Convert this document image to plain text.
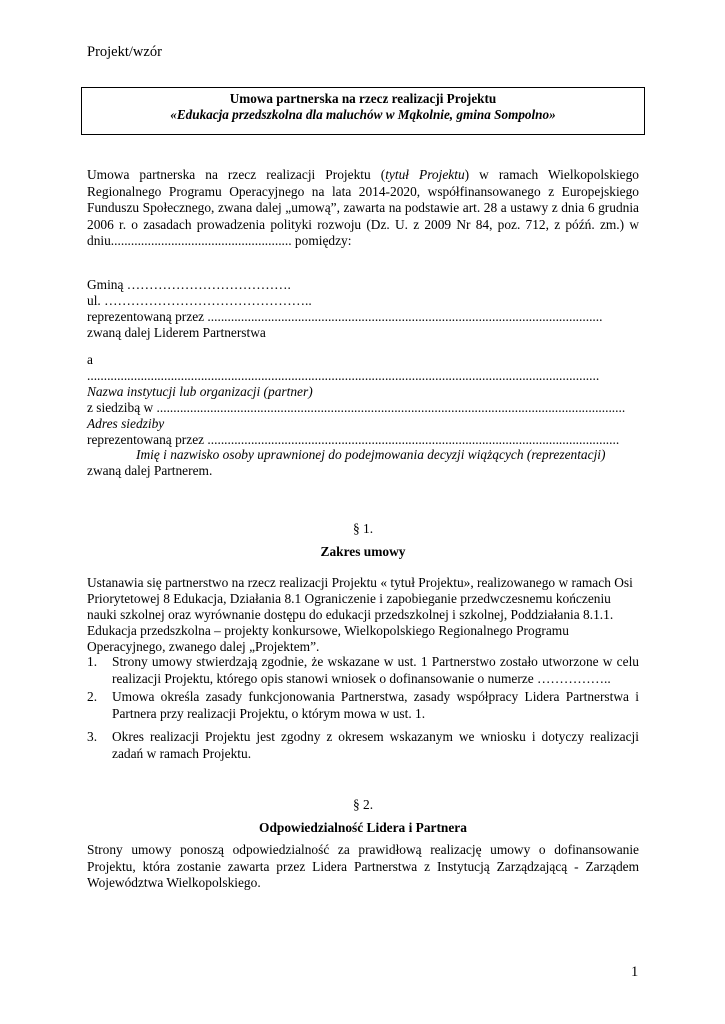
Projekt/wzór
Umowa partnerska na rzecz realizacji Projektu
«Edukacja przedszkolna dla maluchów w Mąkolnie, gmina Sompolno»
Umowa partnerska na rzecz realizacji Projektu (tytuł Projektu) w ramach Wielkopolskiego Regionalnego Programu Operacyjnego na lata 2014-2020, współfinansowanego z Europejskiego Funduszu Społecznego, zwana dalej „umową”, zawarta na podstawie art. 28 a ustawy z dnia 6 grudnia 2006 r. o zasadach prowadzenia polityki rozwoju (Dz. U. z 2009 Nr 84, poz. 712, z późń. zm.) w dniu...................................................... pomiędzy:
Gminą ……………………………….
ul. ………………………………………..
reprezentowaną przez ......................................................................................................................
zwaną dalej Liderem Partnerstwa
a
.........................................................................................................................................................
Nazwa instytucji lub organizacji (partner)
z siedzibą w ............................................................................................................................................
Adres siedziby
reprezentowaną przez ...........................................................................................................................
Imię i nazwisko osoby uprawnionej do podejmowania decyzji wiążących (reprezentacji)
zwaną dalej Partnerem.
§ 1.
Zakres umowy
Ustanawia się partnerstwo na rzecz realizacji Projektu « tytuł Projektu», realizowanego w ramach Osi
Priorytetowej 8 Edukacja, Działania 8.1 Ograniczenie i zapobieganie przedwczesnemu kończeniu
nauki szkolnej oraz wyrównanie dostępu do edukacji przedszkolnej i szkolnej, Poddziałania 8.1.1.
Edukacja przedszkolna – projekty konkursowe, Wielkopolskiego Regionalnego Programu
Operacyjnego, zwanego dalej „Projektem”.
1. Strony umowy stwierdzają zgodnie, że wskazane w ust. 1 Partnerstwo zostało utworzone w celu realizacji Projektu, którego opis stanowi wniosek o dofinansowanie o numerze ……………..
2. Umowa określa zasady funkcjonowania Partnerstwa, zasady współpracy Lidera Partnerstwa i Partnera przy realizacji Projektu, o którym mowa w ust. 1.
3. Okres realizacji Projektu jest zgodny z okresem wskazanym we wniosku i dotyczy realizacji zadań w ramach Projektu.
§ 2.
Odpowiedzialność Lidera i Partnera
Strony umowy ponoszą odpowiedzialność za prawidłową realizację umowy o dofinansowanie Projektu, która zostanie zawarta przez Lidera Partnerstwa z Instytucją Zarządzającą - Zarządem Województwa Wielkopolskiego.
1
